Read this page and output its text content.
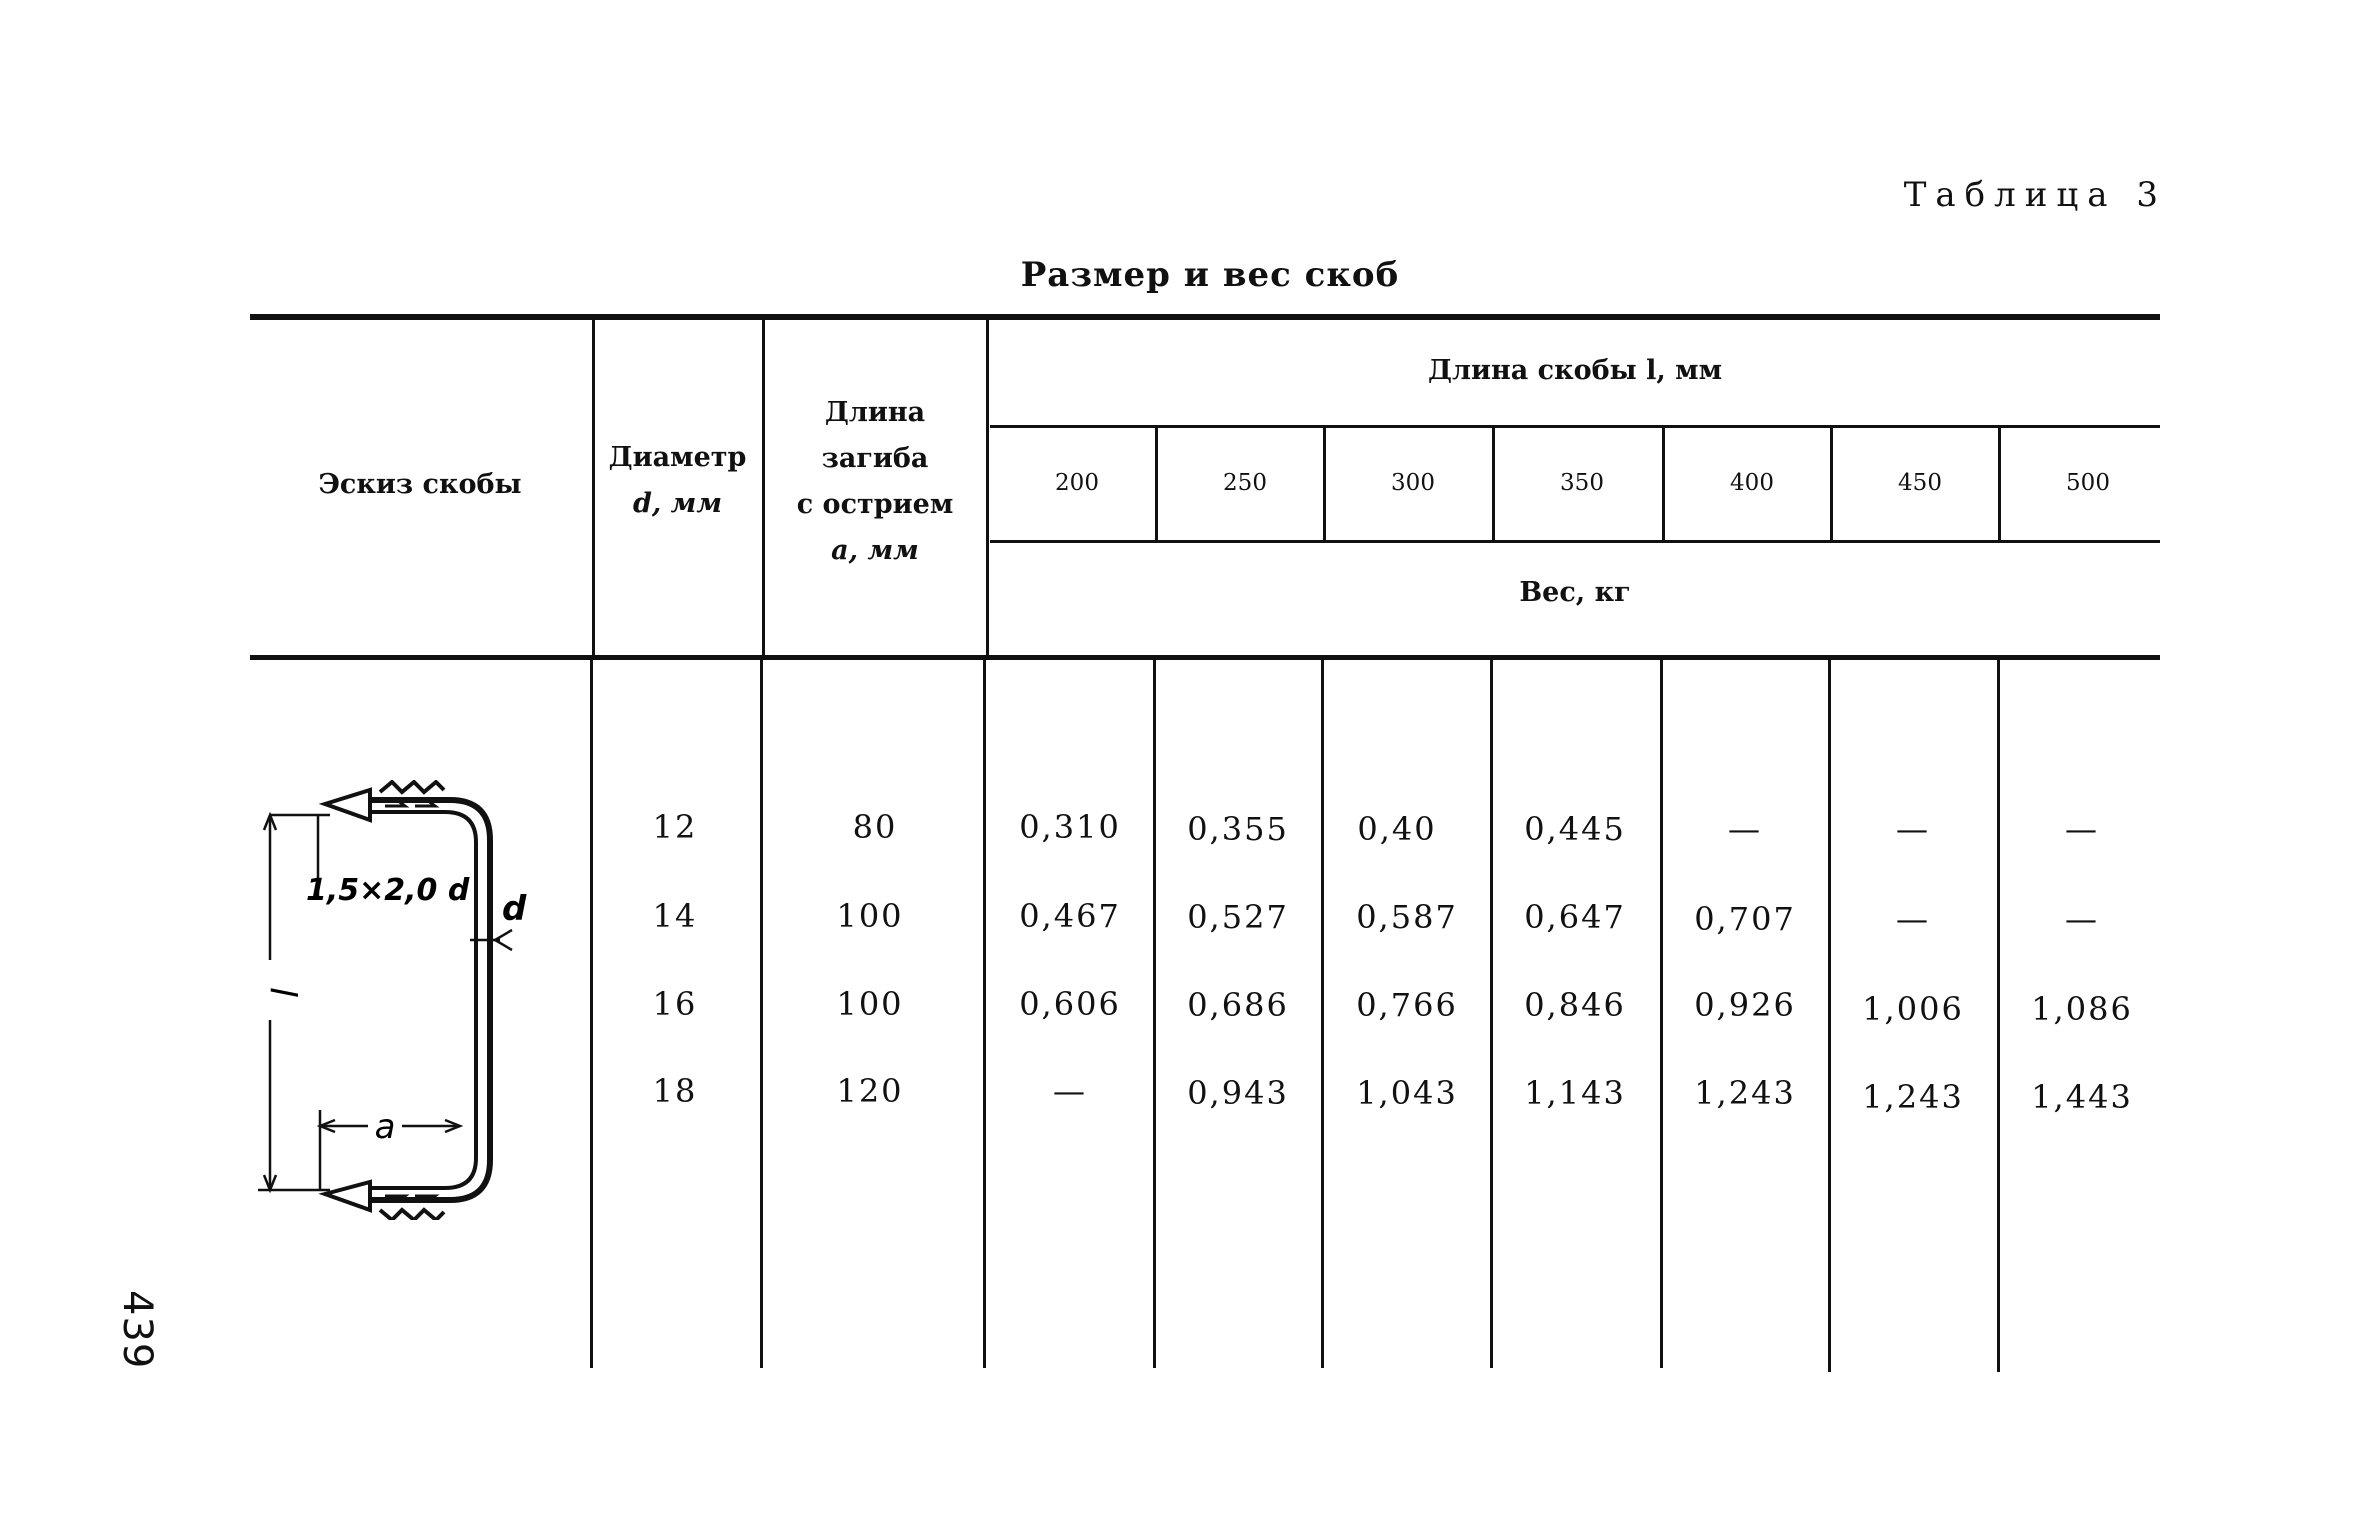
Таблица 3
Размер и вес скоб
Эскиз скобы
Диаметр
d, мм
Длина
загиба
с острием
a, мм
Длина скобы l, мм
Вес, кг
200	250	300	350	400	450	500
l
1,5×2,0 d d
a
12	80	0,310	0,355	0,40	0,445	—	—	—
14	100	0,467	0,527	0,587	0,647	0,707	—	—
16	100	0,606	0,686	0,766	0,846	0,926	1,006	1,086
18	120	—	0,943	1,043	1,143	1,243	1,243	1,443
439
